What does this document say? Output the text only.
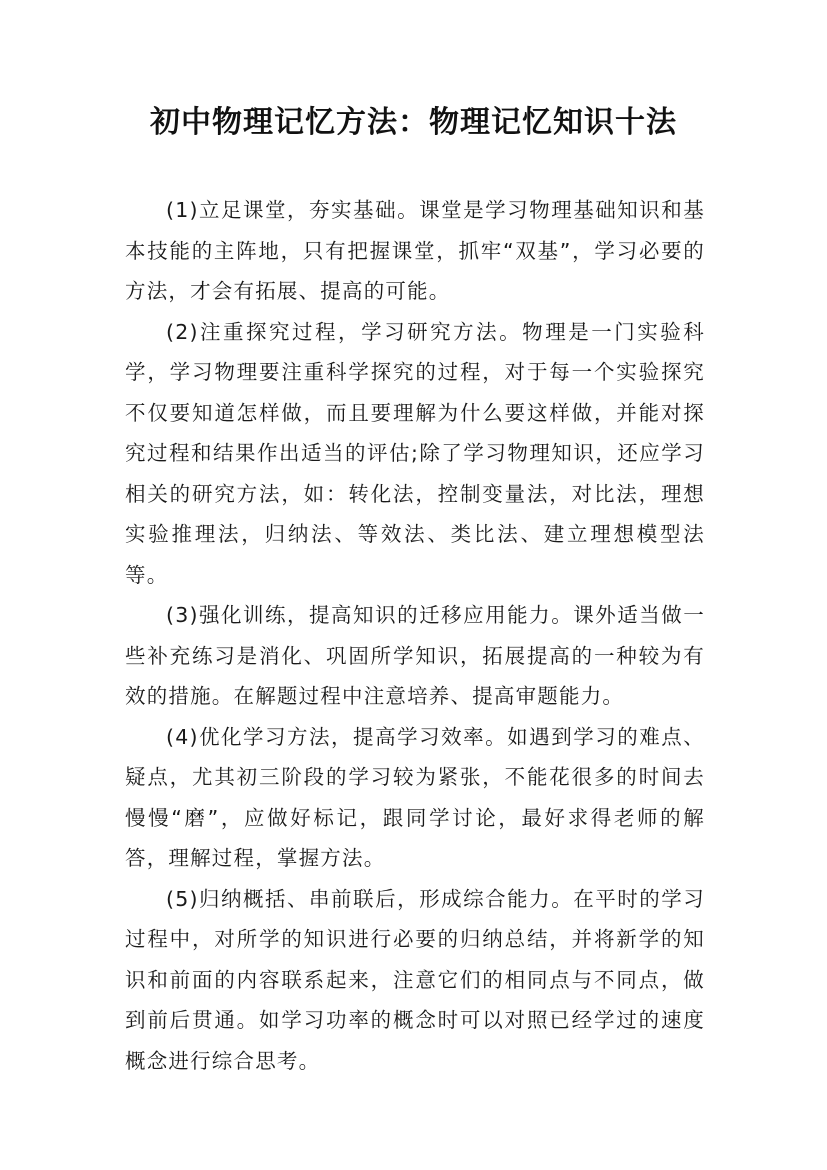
初中物理记忆方法：物理记忆知识十法

(1)立足课堂，夯实基础。课堂是学习物理基础知识和基本技能的主阵地，只有把握课堂，抓牢“双基”，学习必要的方法，才会有拓展、提高的可能。

(2)注重探究过程，学习研究方法。物理是一门实验科学，学习物理要注重科学探究的过程，对于每一个实验探究不仅要知道怎样做，而且要理解为什么要这样做，并能对探究过程和结果作出适当的评估;除了学习物理知识，还应学习相关的研究方法，如：转化法，控制变量法，对比法，理想实验推理法，归纳法、等效法、类比法、建立理想模型法等。

(3)强化训练，提高知识的迁移应用能力。课外适当做一些补充练习是消化、巩固所学知识，拓展提高的一种较为有效的措施。在解题过程中注意培养、提高审题能力。

(4)优化学习方法，提高学习效率。如遇到学习的难点、疑点，尤其初三阶段的学习较为紧张，不能花很多的时间去慢慢“磨”，应做好标记，跟同学讨论，最好求得老师的解答，理解过程，掌握方法。

(5)归纳概括、串前联后，形成综合能力。在平时的学习过程中，对所学的知识进行必要的归纳总结，并将新学的知识和前面的内容联系起来，注意它们的相同点与不同点，做到前后贯通。如学习功率的概念时可以对照已经学过的速度概念进行综合思考。
